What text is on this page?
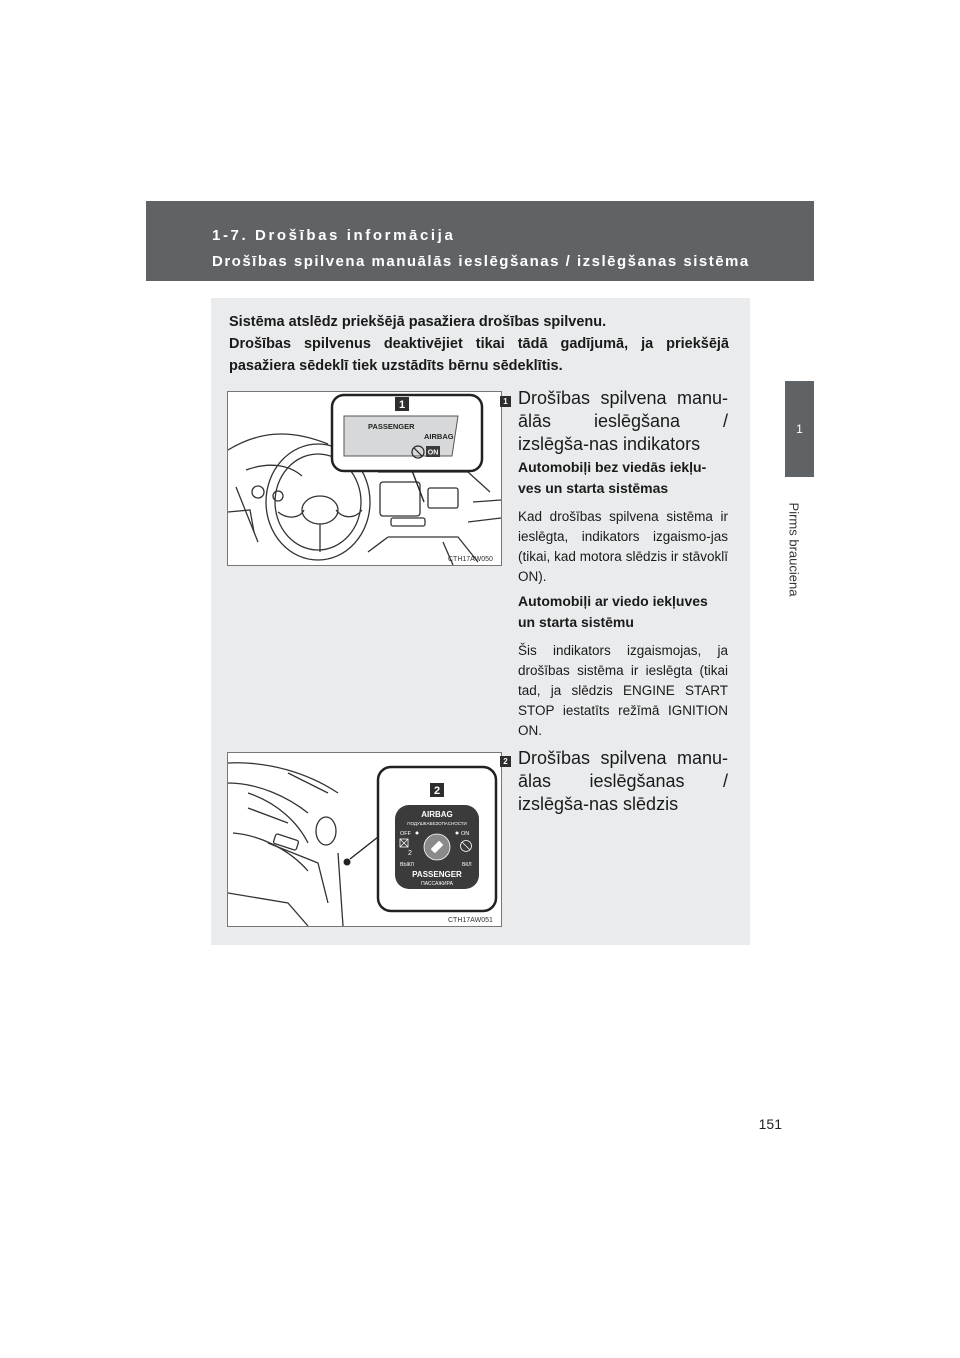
1-7. Drošības informācija
Drošības spilvena manuālās ieslēgšanas / izslēgšanas sistēma
1
Pirms brauciena

Sistēma atslēdz priekšējā pasažiera drošības spilvenu.

Drošības spilvenus deaktivējiet tikai tādā gadījumā, ja priekšējā pasažiera sēdeklī tiek uzstādīts bērnu sēdeklītis.

1
PASSENGER
AIRBAG
ON
CTH17AW050
2
AIRBAG
ПОДУШКАБЕЗОПАСНОСТИ
OFF	ON
2
ВЫКЛ	ВКЛ
PASSENGER
ПАССАЖИРА
CTH17AW051
1 Drošības spilvena manu-ālās ieslēgšana / izslēgša-nas indikators
Automobiļi bez viedās iekļu-ves un starta sistēmas
Kad drošības spilvena sistēma ir ieslēgta, indikators izgaismo-jas (tikai, kad motora slēdzis ir stāvoklī ON).
Automobiļi ar viedo iekļuves un starta sistēmu
Šis indikators izgaismojas, ja drošības sistēma ir ieslēgta (tikai tad, ja slēdzis ENGINE START STOP iestatīts režīmā IGNITION ON.
2 Drošības spilvena manu-ālas ieslēgšanas / izslēgša-nas slēdzis
151
